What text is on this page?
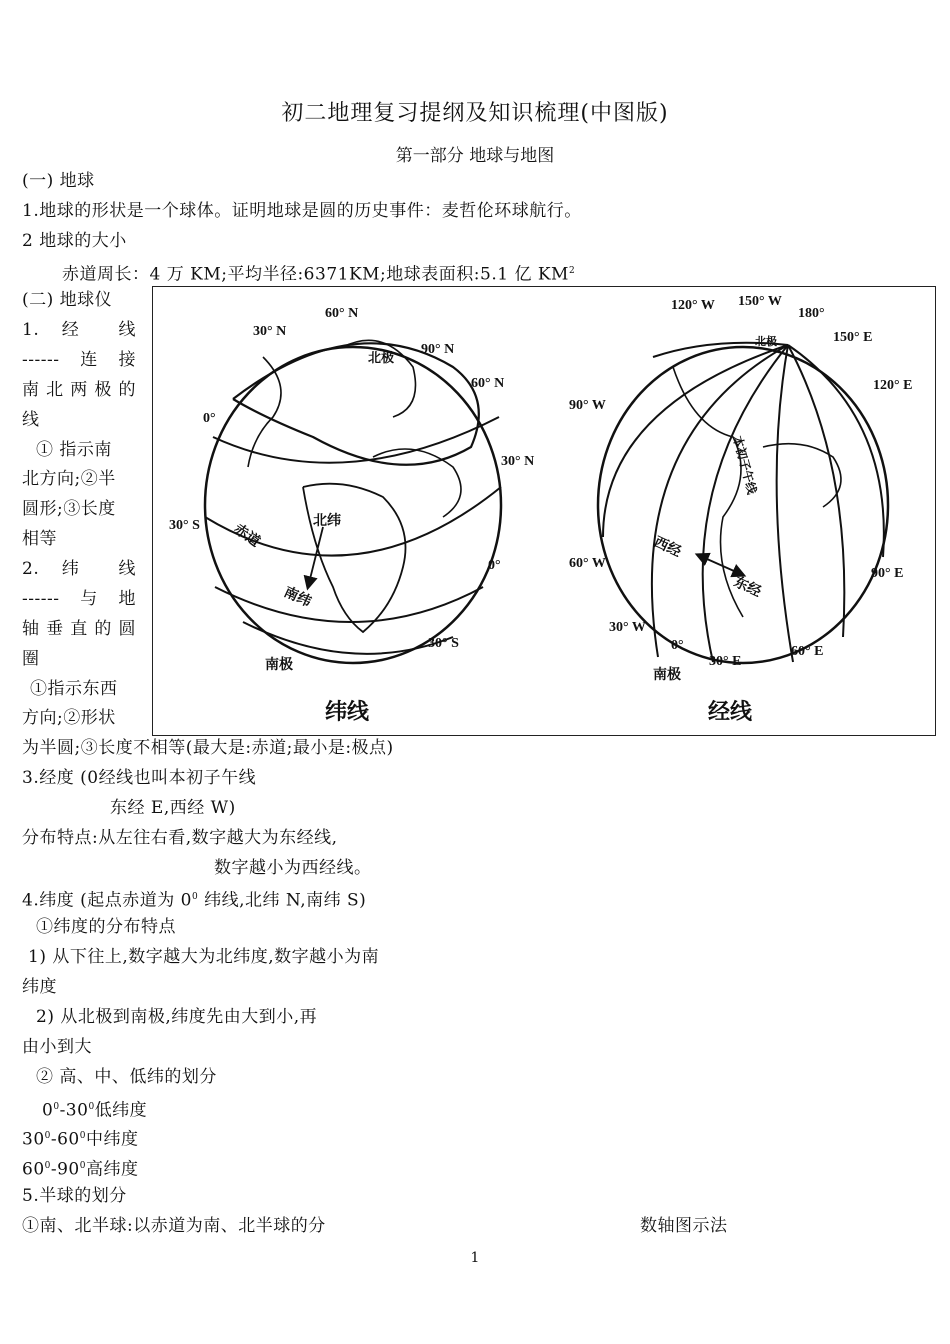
初二地理复习提纲及知识梳理(中图版)
第一部分 地球与地图
(一) 地球
1.地球的形状是一个球体。证明地球是圆的历史事件：麦哲伦环球航行。
2 地球的大小
赤道周长：4 万 KM;平均半径:6371KM;地球表面积:5.1 亿 $KM^2$
(二) 地球仪
1. 经 线
------连接
南北两极的
线
① 指示南
北方向;②半
圆形;③长度
相等
2. 纬 线
------与地
轴垂直的圆
圈
①指示东西
方向;②形状
为半圆;③长度不相等(最大是:赤道;最小是:极点)
3.经度 (0经线也叫本初子午线
东经 E,西经 W)
分布特点:从左往右看,数字越大为东经线,
数字越小为西经线。
4.纬度 (起点赤道为 $0^0$ 纬线,北纬 N,南纬 S)
①纬度的分布特点
1) 从下往上,数字越大为北纬度,数字越小为南
纬度
2) 从北极到南极,纬度先由大到小,再
由小到大
② 高、中、低纬的划分
$0^0-30^0$低纬度
$30^0-60^0$中纬度
$60^0-90^0$高纬度
5.半球的划分
①南、北半球:以赤道为南、北半球的分	数轴图示法
60° N
30° N
北极
90° N
60° N
0°
30° N
30° S 赤道
北纬
南纬
0°
30° S
南极
纬线
120° W 150° W
180°
北极	150° E
120° E
90° W
本初子午线
西经
东经
60° W
90° E
30° W
0°
30° E
60° E
南极
经线
1
